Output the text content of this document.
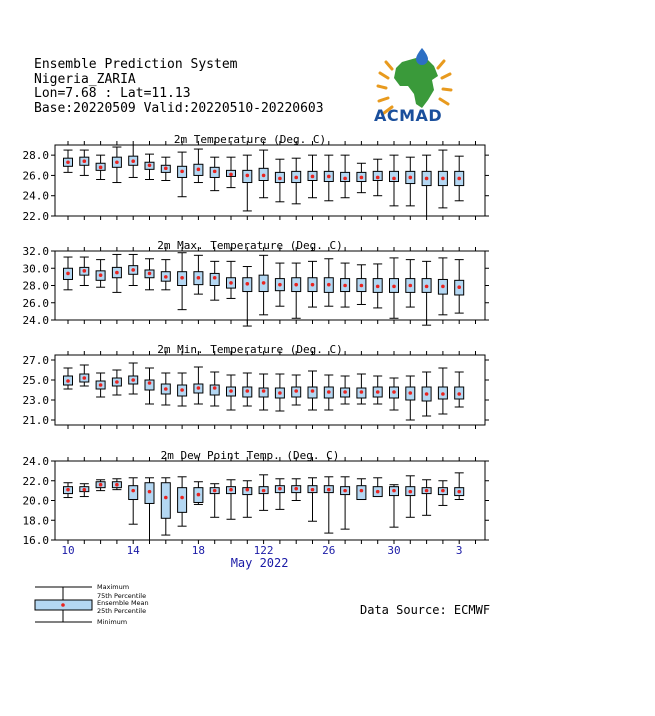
Ensemble Prediction System
Nigeria_ZARIA
Lon=7.68 : Lat=11.13
Base:20220509 Valid:20220510-20220603	ACMAD
2m Temperature (Deg. C)
22.0
24.0
26.0
28.0
2m Max. Temperature (Deg. C)
24.0
26.0
28.0
30.0
32.0
2m Min. Temperature (Deg. C)
21.0
23.0
25.0
27.0
2m Dew Point Temp. (Deg. C)
16.0
18.0
20.0
22.0
24.0
10	14	18	122	26	30	3
May 2022
Maximum
75th Percentile
Ensemble Mean
25th Percentile
Minimum
Data Source: ECMWF
